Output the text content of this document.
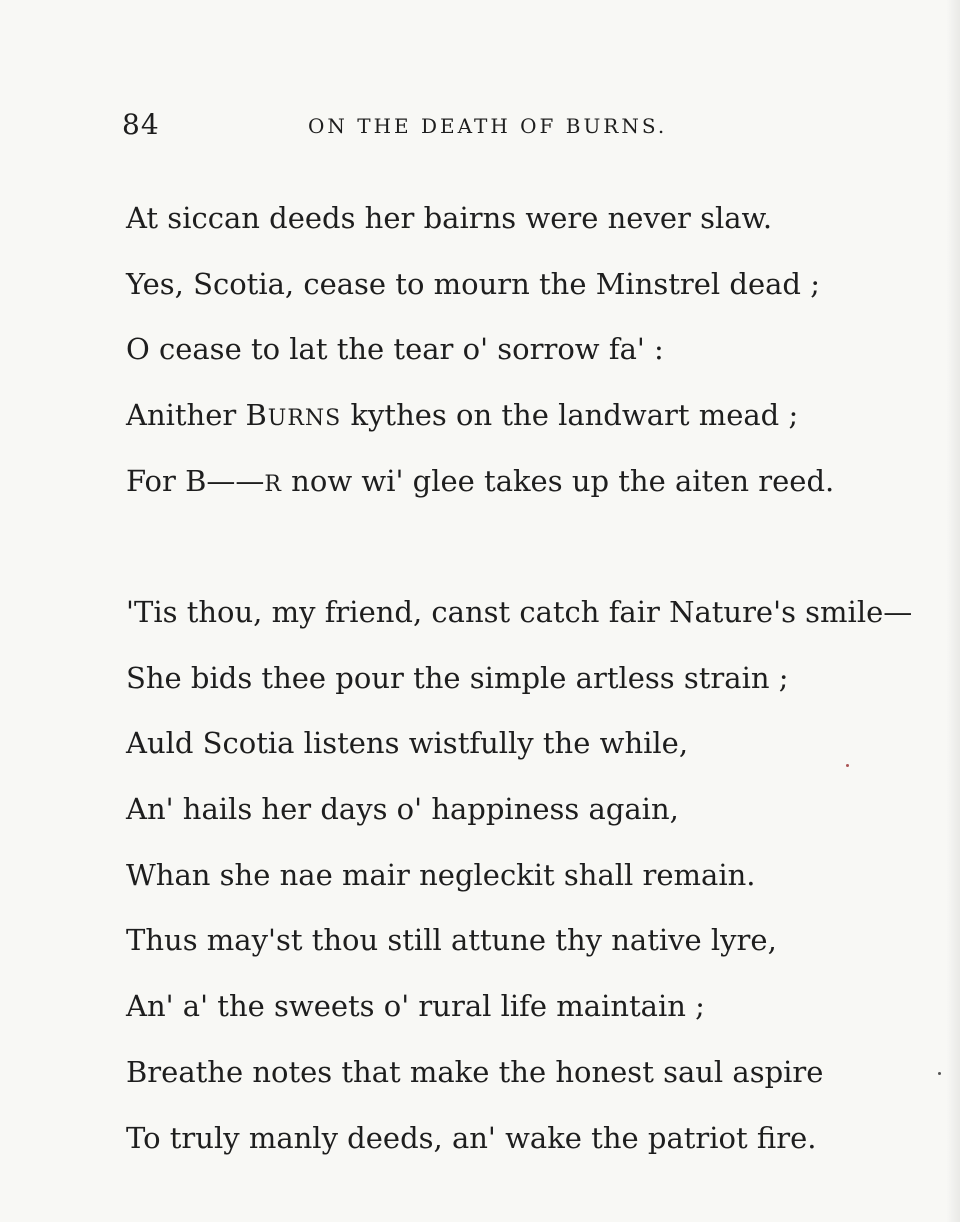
84	ON THE DEATH OF BURNS.
At siccan deeds her bairns were never slaw.
Yes, Scotia, cease to mourn the Minstrel dead ;
O cease to lat the tear o' sorrow fa' :
Anither BURNS kythes on the landwart mead ;
For B——R now wi' glee takes up the aiten reed.
'Tis thou, my friend, canst catch fair Nature's smile—
She bids thee pour the simple artless strain ;
Auld Scotia listens wistfully the while,
An' hails her days o' happiness again,
Whan she nae mair negleckit shall remain.
Thus may'st thou still attune thy native lyre,
An' a' the sweets o' rural life maintain ;
Breathe notes that make the honest saul aspire
To truly manly deeds, an' wake the patriot fire.
